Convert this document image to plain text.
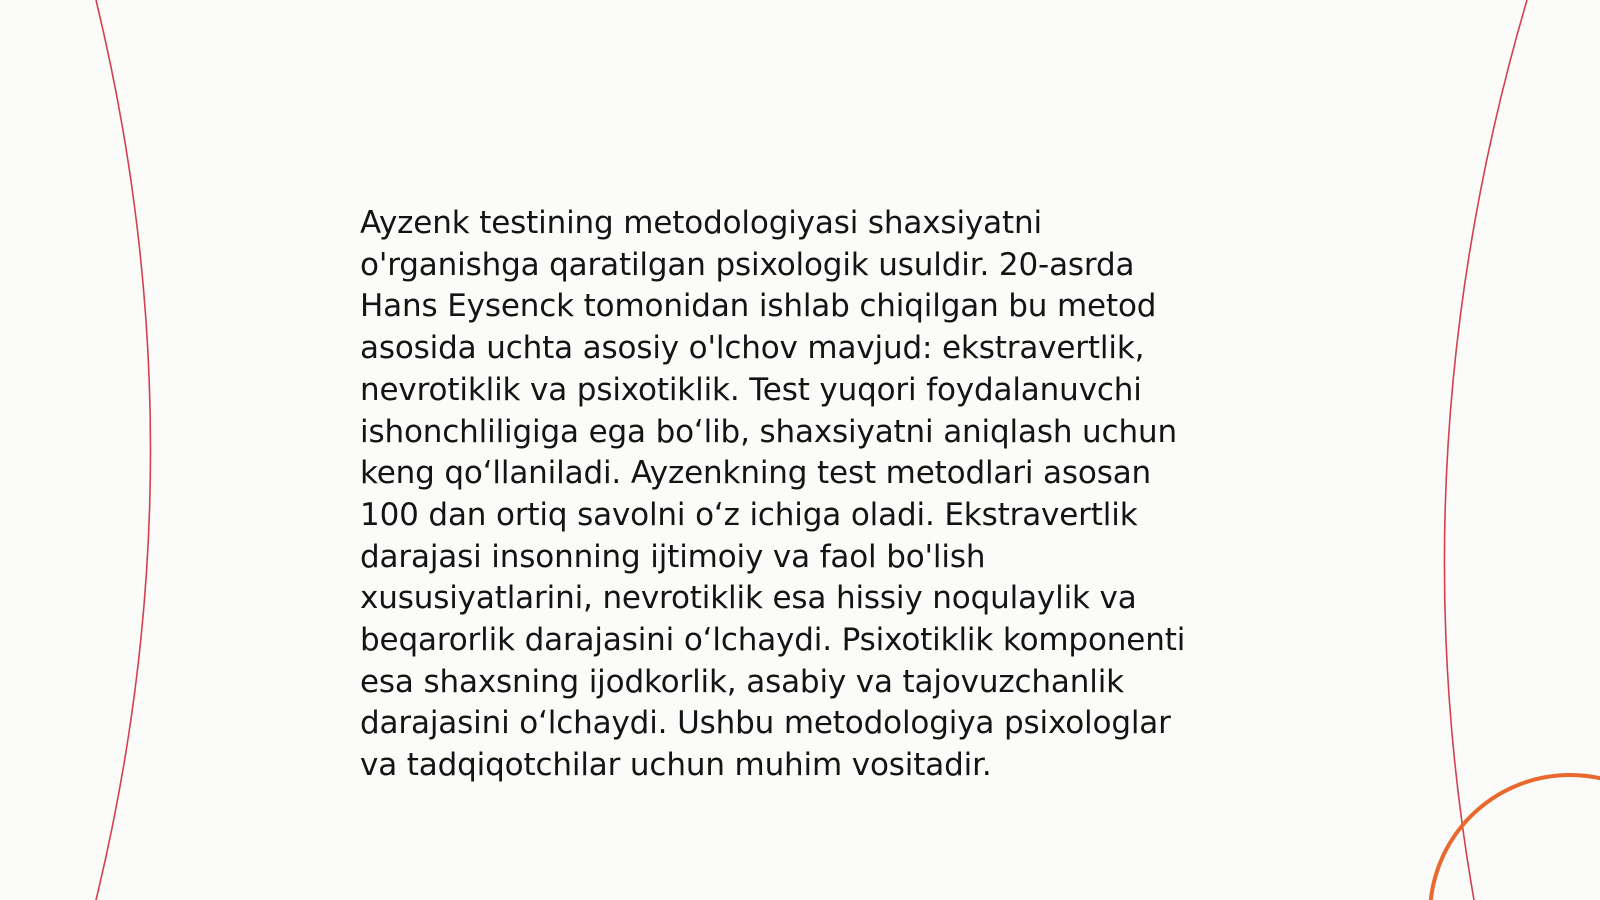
Ayzenk testining metodologiyasi shaxsiyatni
o'rganishga qaratilgan psixologik usuldir. 20-asrda
Hans Eysenck tomonidan ishlab chiqilgan bu metod
asosida uchta asosiy o'lchov mavjud: ekstravertlik,
nevrotiklik va psixotiklik. Test yuqori foydalanuvchi
ishonchliligiga ega bo‘lib, shaxsiyatni aniqlash uchun
keng qo‘llaniladi. Ayzenkning test metodlari asosan
100 dan ortiq savolni o‘z ichiga oladi. Ekstravertlik
darajasi insonning ijtimoiy va faol bo'lish
xususiyatlarini, nevrotiklik esa hissiy noqulaylik va
beqarorlik darajasini o‘lchaydi. Psixotiklik komponenti
esa shaxsning ijodkorlik, asabiy va tajovuzchanlik
darajasini o‘lchaydi. Ushbu metodologiya psixologlar
va tadqiqotchilar uchun muhim vositadir.
